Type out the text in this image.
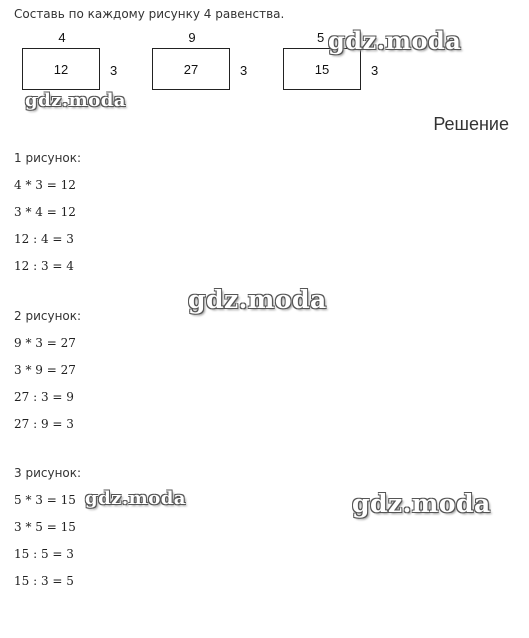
Составь по каждому рисунку 4 равенства.

4
12	3
9
27	3
5
15	3
Решение
1 рисунок:
4 * 3 = 12
3 * 4 = 12
12 : 4 = 3
12 : 3 = 4
2 рисунок:
9 * 3 = 27
3 * 9 = 27
27 : 3 = 9
27 : 9 = 3
3 рисунок:
5 * 3 = 15
3 * 5 = 15
15 : 5 = 3
15 : 3 = 5
gdz.moda
gdz.moda
gdz.moda
gdz.moda	gdz.moda
